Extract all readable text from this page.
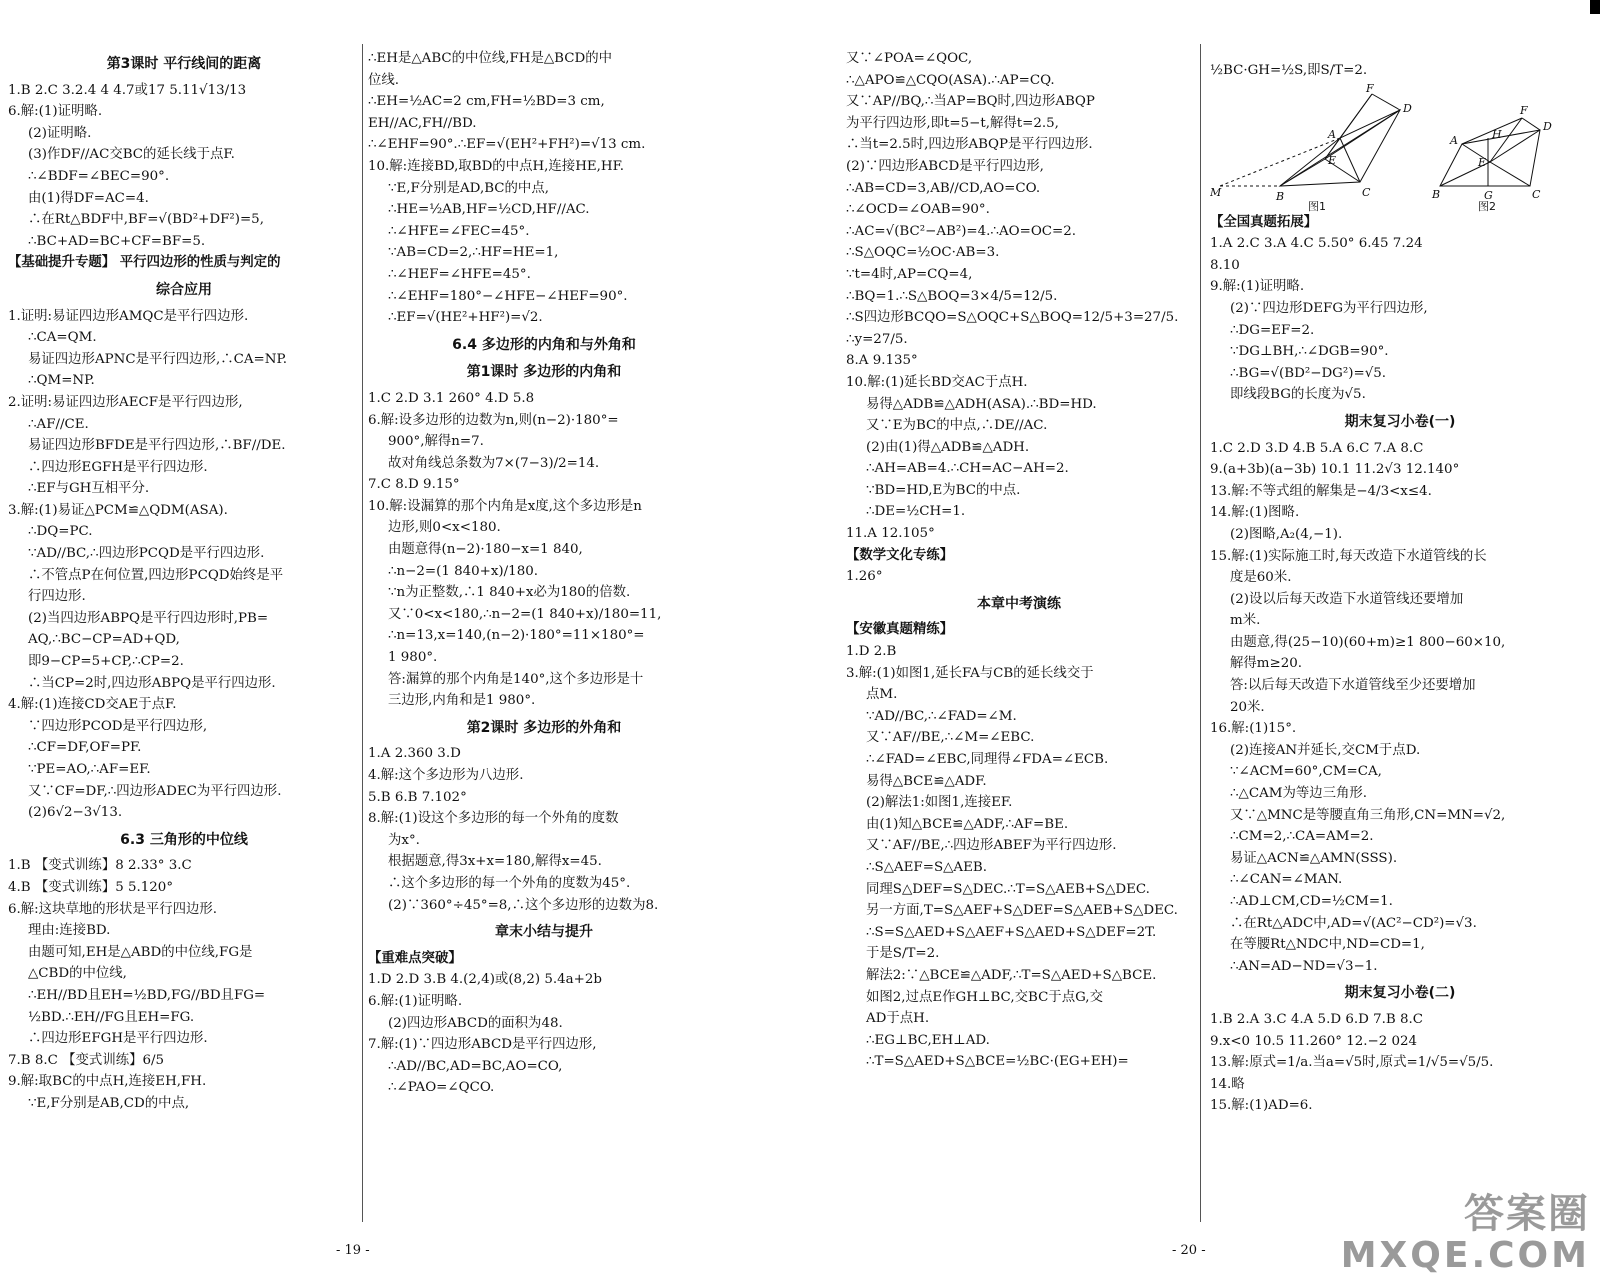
第3课时 平行线间的距离
1.B 2.C 3.2.4 4 4.7或17 5.11√13/13
6.解:(1)证明略.
(2)证明略.
(3)作DF//AC交BC的延长线于点F.
∴∠BDF=∠BEC=90°.
由(1)得DF=AC=4.
∴在Rt△BDF中,BF=√(BD²+DF²)=5,
∴BC+AD=BC+CF=BF=5.
【基础提升专题】 平行四边形的性质与判定的
综合应用
1.证明:易证四边形AMQC是平行四边形.
∴CA=QM.
易证四边形APNC是平行四边形,∴CA=NP.
∴QM=NP.
2.证明:易证四边形AECF是平行四边形,
∴AF//CE.
易证四边形BFDE是平行四边形,∴BF//DE.
∴四边形EGFH是平行四边形.
∴EF与GH互相平分.
3.解:(1)易证△PCM≌△QDM(ASA).
∴DQ=PC.
∵AD//BC,∴四边形PCQD是平行四边形.
∴不管点P在何位置,四边形PCQD始终是平
行四边形.
(2)当四边形ABPQ是平行四边形时,PB=
AQ,∴BC−CP=AD+QD,
即9−CP=5+CP,∴CP=2.
∴当CP=2时,四边形ABPQ是平行四边形.
4.解:(1)连接CD交AE于点F.
∵四边形PCOD是平行四边形,
∴CF=DF,OF=PF.
∵PE=AO,∴AF=EF.
又∵CF=DF,∴四边形ADEC为平行四边形.
(2)6√2−3√13.
6.3 三角形的中位线
1.B 【变式训练】8 2.33° 3.C
4.B 【变式训练】5 5.120°
6.解:这块草地的形状是平行四边形.
理由:连接BD.
由题可知,EH是△ABD的中位线,FG是
△CBD的中位线,
∴EH//BD且EH=½BD,FG//BD且FG=
½BD.∴EH//FG且EH=FG.
∴四边形EFGH是平行四边形.
7.B 8.C 【变式训练】6/5
9.解:取BC的中点H,连接EH,FH.
∵E,F分别是AB,CD的中点,
∴EH是△ABC的中位线,FH是△BCD的中
位线.
∴EH=½AC=2 cm,FH=½BD=3 cm,
EH//AC,FH//BD.
∴∠EHF=90°.∴EF=√(EH²+FH²)=√13 cm.
10.解:连接BD,取BD的中点H,连接HE,HF.
∵E,F分别是AD,BC的中点,
∴HE=½AB,HF=½CD,HF//AC.
∴∠HFE=∠FEC=45°.
∵AB=CD=2,∴HF=HE=1,
∴∠HEF=∠HFE=45°.
∴∠EHF=180°−∠HFE−∠HEF=90°.
∴EF=√(HE²+HF²)=√2.
6.4 多边形的内角和与外角和
第1课时 多边形的内角和
1.C 2.D 3.1 260° 4.D 5.8
6.解:设多边形的边数为n,则(n−2)·180°=
900°,解得n=7.
故对角线总条数为7×(7−3)/2=14.
7.C 8.D 9.15°
10.解:设漏算的那个内角是x度,这个多边形是n
边形,则0<x<180.
由题意得(n−2)·180−x=1 840,
∴n−2=(1 840+x)/180.
∵n为正整数,∴1 840+x必为180的倍数.
又∵0<x<180,∴n−2=(1 840+x)/180=11,
∴n=13,x=140,(n−2)·180°=11×180°=
1 980°.
答:漏算的那个内角是140°,这个多边形是十
三边形,内角和是1 980°.
第2课时 多边形的外角和
1.A 2.360 3.D
4.解:这个多边形为八边形.
5.B 6.B 7.102°
8.解:(1)设这个多边形的每一个外角的度数
为x°.
根据题意,得3x+x=180,解得x=45.
∴这个多边形的每一个外角的度数为45°.
(2)∵360°÷45°=8,∴这个多边形的边数为8.
章末小结与提升
【重难点突破】
1.D 2.D 3.B 4.(2,4)或(8,2) 5.4a+2b
6.解:(1)证明略.
(2)四边形ABCD的面积为48.
7.解:(1)∵四边形ABCD是平行四边形,
∴AD//BC,AD=BC,AO=CO,
∴∠PAO=∠QCO.
- 19 -
又∵∠POA=∠QOC,
∴△APO≌△CQO(ASA).∴AP=CQ.
又∵AP//BQ,∴当AP=BQ时,四边形ABQP
为平行四边形,即t=5−t,解得t=2.5,
∴当t=2.5时,四边形ABQP是平行四边形.
(2)∵四边形ABCD是平行四边形,
∴AB=CD=3,AB//CD,AO=CO.
∴∠OCD=∠OAB=90°.
∴AC=√(BC²−AB²)=4.∴AO=OC=2.
∴S△OQC=½OC·AB=3.
∵t=4时,AP=CQ=4,
∴BQ=1.∴S△BOQ=3×4/5=12/5.
∴S四边形BCQO=S△OQC+S△BOQ=12/5+3=27/5.
∴y=27/5.
8.A 9.135°
10.解:(1)延长BD交AC于点H.
易得△ADB≌△ADH(ASA).∴BD=HD.
又∵E为BC的中点,∴DE//AC.
(2)由(1)得△ADB≌△ADH.
∴AH=AB=4.∴CH=AC−AH=2.
∵BD=HD,E为BC的中点.
∴DE=½CH=1.
11.A 12.105°
【数学文化专练】
1.26°
本章中考演练
【安徽真题精练】
1.D 2.B
3.解:(1)如图1,延长FA与CB的延长线交于
点M.
∵AD//BC,∴∠FAD=∠M.
又∵AF//BE,∴∠M=∠EBC.
∴∠FAD=∠EBC,同理得∠FDA=∠ECB.
易得△BCE≌△ADF.
(2)解法1:如图1,连接EF.
由(1)知△BCE≌△ADF,∴AF=BE.
又∵AF//BE,∴四边形ABEF为平行四边形.
∴S△AEF=S△AEB.
同理S△DEF=S△DEC.∴T=S△AEB+S△DEC.
另一方面,T=S△AEF+S△DEF=S△AEB+S△DEC.
∴S=S△AED+S△AEF+S△AED+S△DEF=2T.
于是S/T=2.
解法2:∵△BCE≌△ADF,∴T=S△AED+S△BCE.
如图2,过点E作GH⊥BC,交BC于点G,交
AD于点H.
∴EG⊥BC,EH⊥AD.
∴T=S△AED+S△BCE=½BC·(EG+EH)=
½BC·GH=½S,即S/T=2.
A
D
E
B	C
F
M
A	H
D
E
B	G	C
F
图1	图2
【全国真题拓展】
1.A 2.C 3.A 4.C 5.50° 6.45 7.24
8.10
9.解:(1)证明略.
(2)∵四边形DEFG为平行四边形,
∴DG=EF=2.
∵DG⊥BH,∴∠DGB=90°.
∴BG=√(BD²−DG²)=√5.
即线段BG的长度为√5.
期末复习小卷(一)
1.C 2.D 3.D 4.B 5.A 6.C 7.A 8.C
9.(a+3b)(a−3b) 10.1 11.2√3 12.140°
13.解:不等式组的解集是−4/3<x≤4.
14.解:(1)图略.
(2)图略,A₂(4,−1).
15.解:(1)实际施工时,每天改造下水道管线的长
度是60米.
(2)设以后每天改造下水道管线还要增加
m米.
由题意,得(25−10)(60+m)≥1 800−60×10,
解得m≥20.
答:以后每天改造下水道管线至少还要增加
20米.
16.解:(1)15°.
(2)连接AN并延长,交CM于点D.
∵∠ACM=60°,CM=CA,
∴△CAM为等边三角形.
又∵△MNC是等腰直角三角形,CN=MN=√2,
∴CM=2,∴CA=AM=2.
易证△ACN≌△AMN(SSS).
∴∠CAN=∠MAN.
∴AD⊥CM,CD=½CM=1.
∴在Rt△ADC中,AD=√(AC²−CD²)=√3.
在等腰Rt△NDC中,ND=CD=1,
∴AN=AD−ND=√3−1.
期末复习小卷(二)
1.B 2.A 3.C 4.A 5.D 6.D 7.B 8.C
9.x<0 10.5 11.260° 12.−2 024
13.解:原式=1/a.当a=√5时,原式=1/√5=√5/5.
14.略
15.解:(1)AD=6.
- 20 -
答案圈
MXQE.COM
